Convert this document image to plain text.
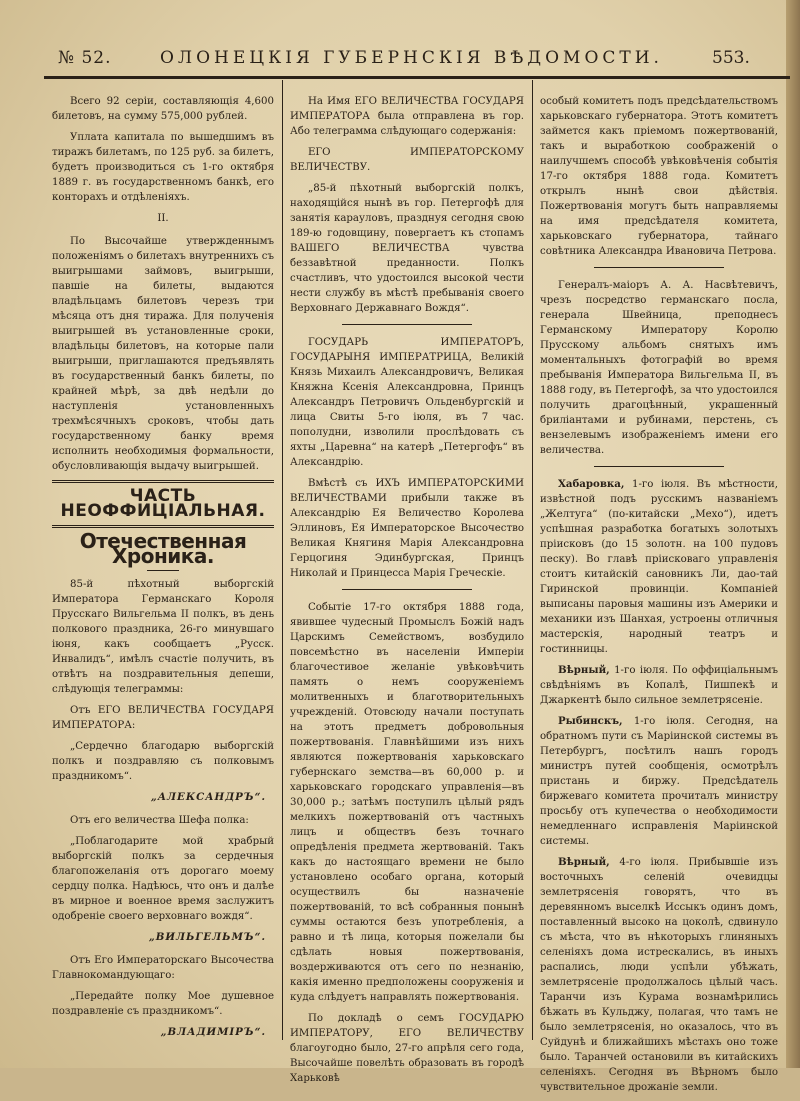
№ 52.	ОЛОНЕЦКІЯ ГУБЕРНСКІЯ ВѢДОМОСТИ.	553.

Всего 92 серіи, составляющія 4,600 билетовъ, на сумму 575,000 рублей.

Уплата капитала по вышедшимъ въ тиражъ билетамъ, по 125 руб. за билетъ, будетъ производиться съ 1-го октября 1889 г. въ государственномъ банкѣ, его конторахъ и отдѣленіяхъ.

II.

По Высочайше утвержденнымъ положеніямъ о билетахъ внутреннихъ съ выигрышами займовъ, выигрыши, павшіе на билеты, выдаются владѣльцамъ билетовъ черезъ три мѣсяца отъ дня тиража. Для полученія выигрышей въ установленные сроки, владѣльцы билетовъ, на которые пали выигрыши, приглашаются предъявлять въ государственный банкъ билеты, по крайней мѣрѣ, за двѣ недѣли до наступленія установленныхъ трехмѣсячныхъ сроковъ, чтобы дать государственному банку время исполнить необходимыя формальности, обусловливающія выдачу выигрышей.

ЧАСТЬ НЕОФФИЦІАЛЬНАЯ.
Отечественная Хроника.

85-й пѣхотный выборгскій Императора Германскаго Короля Прусскаго Вильгельма II полкъ, въ день полкового праздника, 26-го минувшаго іюня, какъ сообщаетъ „Русск. Инвалидъ“, имѣлъ счастіе получить, въ отвѣтъ на поздравительныя депеши, слѣдующія телеграммы:

Отъ ЕГО ВЕЛИЧЕСТВА ГОСУДАРЯ ИМПЕРАТОРА:

„Сердечно благодарю выборгскій полкъ и поздравляю съ полковымъ праздникомъ“.

„АЛЕКСАНДРЪ“.

Отъ его величества Шефа полка:

„Поблагодарите мой храбрый выборгскій полкъ за сердечныя благопожеланія отъ дорогаго моему сердцу полка. Надѣюсь, что онъ и далѣе въ мирное и военное время заслужитъ одобреніе своего верховнаго вождя“.

„ВИЛЬГЕЛЬМЪ“.

Отъ Его Императорскаго Высочества Главнокомандующаго:

„Передайте полку Мое душевное поздравленіе съ праздникомъ“.

„ВЛАДИМІРЪ“.

На Имя ЕГО ВЕЛИЧЕСТВА ГОСУДАРЯ ИМПЕРАТОРА была отправлена въ гор. Або телеграмма слѣдующаго содержанія:

ЕГО ИМПЕРАТОРСКОМУ ВЕЛИЧЕСТВУ.

„85-й пѣхотный выборгскій полкъ, находящійся нынѣ въ гор. Петергофѣ для занятія карауловъ, празднуя сегодня свою 189-ю годовщину, повергаетъ къ стопамъ ВАШЕГО ВЕЛИЧЕСТВА чувства беззавѣтной преданности. Полкъ счастливъ, что удостоился высокой чести нести службу въ мѣстѣ пребыванія своего Верховнаго Державнаго Вождя“.

ГОСУДАРЬ ИМПЕРАТОРЪ, ГОСУДАРЫНЯ ИМПЕРАТРИЦА, Великій Князь Михаилъ Александровичъ, Великая Княжна Ксенія Александровна, Принцъ Александръ Петровичъ Ольденбургскій и лица Свиты 5-го іюля, въ 7 час. пополудни, изволили прослѣдовать съ яхты „Царевна“ на катерѣ „Петергофъ“ въ Александрію.

Вмѣстѣ съ ИХЪ ИМПЕРАТОРСКИМИ ВЕЛИЧЕСТВАМИ прибыли также въ Александрію Ея Величество Королева Эллиновъ, Ея Императорское Высочество Великая Княгиня Марія Александровна Герцогиня Эдинбургская, Принцъ Николай и Принцесса Марія Греческіе.

Событіе 17-го октября 1888 года, явившее чудесный Промыслъ Божій надъ Царскимъ Семействомъ, возбудило повсемѣстно въ населеніи Имперіи благочестивое желаніе увѣковѣчить память о немъ сооруженіемъ молитвенныхъ и благотворительныхъ учрежденій. Отовсюду начали поступать на этотъ предметъ добровольныя пожертвованія. Главнѣйшими изъ нихъ являются пожертвованія харьковскаго губернскаго земства—въ 60,000 р. и харьковскаго городскаго управленія—въ 30,000 р.; затѣмъ поступилъ цѣлый рядъ мелкихъ пожертвованій отъ частныхъ лицъ и обществъ безъ точнаго опредѣленія предмета жертвованій. Такъ какъ до настоящаго времени не было установлено особаго органа, который осуществилъ бы назначеніе пожертвованій, то всѣ собранныя понынѣ суммы остаются безъ употребленія, а равно и тѣ лица, которыя пожелали бы сдѣлать новыя пожертвованія, воздерживаются отъ сего по незнанію, какія именно предположены сооруженія и куда слѣдуетъ направлять пожертвованія.

По докладѣ о семъ ГОСУДАРЮ ИМПЕРАТОРУ, ЕГО ВЕЛИЧЕСТВУ благоугодно было, 27-го апрѣля сего года, Высочайше повелѣть образовать въ городѣ Харьковѣ

особый комитетъ подъ предсѣдательствомъ харьковскаго губернатора. Этотъ комитетъ займется какъ пріемомъ пожертвованій, такъ и выработкою соображеній о наилучшемъ способѣ увѣковѣченія событія 17-го октября 1888 года. Комитетъ открылъ нынѣ свои дѣйствія. Пожертвованія могутъ быть направляемы на имя предсѣдателя комитета, харьковскаго губернатора, тайнаго совѣтника Александра Ивановича Петрова.

Генералъ-маіоръ А. А. Насвѣтевичъ, чрезъ посредство германскаго посла, генерала Швейница, преподнесъ Германскому Императору Королю Прусскому альбомъ снятыхъ имъ моментальныхъ фотографій во время пребыванія Императора Вильгельма II, въ 1888 году, въ Петергофѣ, за что удостоился получить драгоцѣнный, украшенный бриліантами и рубинами, перстень, съ вензелевымъ изображеніемъ имени его величества.

Хабаровка, 1-го іюля. Въ мѣстности, извѣстной подъ русскимъ названіемъ „Желтуга“ (по-китайски „Мехо“), идетъ успѣшная разработка богатыхъ золотыхъ пріисковъ (до 15 золотн. на 100 пудовъ песку). Во главѣ пріисковаго управленія стоитъ китайскій сановникъ Ли, дао-тай Гиринской провинціи. Компаніей выписаны паровыя машины изъ Америки и механики изъ Шанхая, устроены отличныя мастерскія, народный театръ и гостинницы.

Вѣрный, 1-го іюля. По оффиціальнымъ свѣдѣніямъ въ Копалѣ, Пишпекѣ и Джаркентѣ было сильное землетрясеніе.

Рыбинскъ, 1-го іюля. Сегодня, на обратномъ пути съ Маріинской системы въ Петербургъ, посѣтилъ нашъ городъ министръ путей сообщенія, осмотрѣлъ пристань и биржу. Предсѣдатель биржеваго комитета прочиталъ министру просьбу отъ купечества о необходимости немедленнаго исправленія Маріинской системы.

Вѣрный, 4-го іюля. Прибывшіе изъ восточныхъ селеній очевидцы землетрясенія говорятъ, что въ деревянномъ выселкѣ Иссыкъ одинъ домъ, поставленный высоко на цоколѣ, сдвинуло съ мѣста, что въ нѣкоторыхъ глиняныхъ селеніяхъ дома истрескались, въ иныхъ распались, люди успѣли убѣжать, землетрясеніе продолжалось цѣлый часъ. Таранчи изъ Курама вознамѣрились бѣжать въ Кульджу, полагая, что тамъ не было землетрясенія, но оказалось, что въ Суйдунѣ и ближайшихъ мѣстахъ оно тоже было. Таранчей остановили въ китайскихъ селеніяхъ. Сегодня въ Вѣрномъ было чувствительное дрожаніе земли.
